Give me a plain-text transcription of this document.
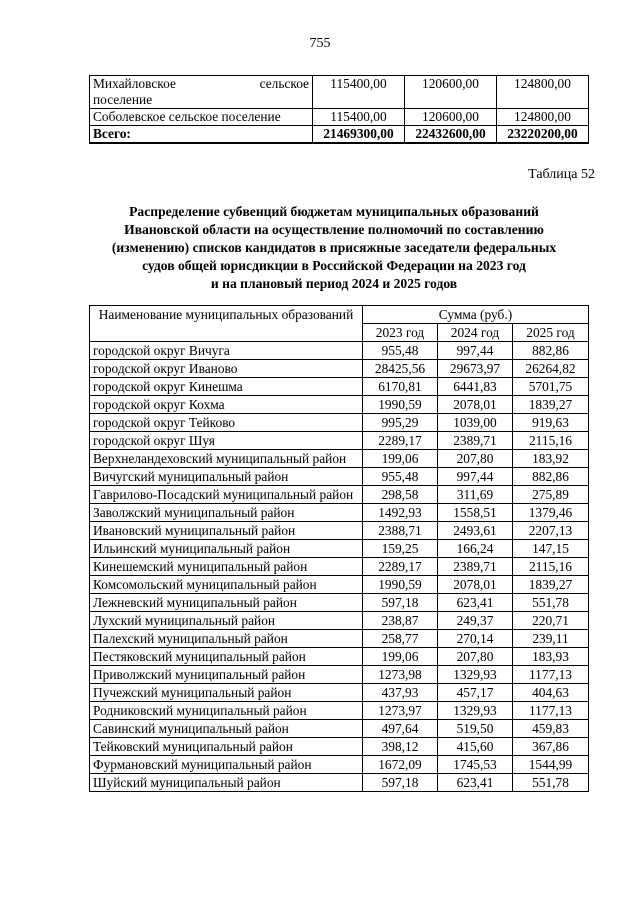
755
Михайловское сельское
поселение	115400,00	120600,00	124800,00
Соболевское сельское поселение	115400,00	120600,00	124800,00
Всего:	21469300,00	22432600,00	23220200,00
Таблица 52
Распределение субвенций бюджетам муниципальных образований
Ивановской области на осуществление полномочий по составлению
(изменению) списков кандидатов в присяжные заседатели федеральных
судов общей юрисдикции в Российской Федерации на 2023 год
и на плановый период 2024 и 2025 годов
Наименование муниципальных образований	Сумма (руб.)		
	2023 год	2024 год	2025 год
городской округ Вичуга	955,48	997,44	882,86
городской округ Иваново	28425,56	29673,97	26264,82
городской округ Кинешма	6170,81	6441,83	5701,75
городской округ Кохма	1990,59	2078,01	1839,27
городской округ Тейково	995,29	1039,00	919,63
городской округ Шуя	2289,17	2389,71	2115,16
Верхнеландеховский муниципальный район	199,06	207,80	183,92
Вичугский муниципальный район	955,48	997,44	882,86
Гаврилово-Посадский муниципальный район	298,58	311,69	275,89
Заволжский муниципальный район	1492,93	1558,51	1379,46
Ивановский муниципальный район	2388,71	2493,61	2207,13
Ильинский муниципальный район	159,25	166,24	147,15
Кинешемский муниципальный район	2289,17	2389,71	2115,16
Комсомольский муниципальный район	1990,59	2078,01	1839,27
Лежневский муниципальный район	597,18	623,41	551,78
Лухский муниципальный район	238,87	249,37	220,71
Палехский муниципальный район	258,77	270,14	239,11
Пестяковский муниципальный район	199,06	207,80	183,93
Приволжский муниципальный район	1273,98	1329,93	1177,13
Пучежский муниципальный район	437,93	457,17	404,63
Родниковский муниципальный район	1273,97	1329,93	1177,13
Савинский муниципальный район	497,64	519,50	459,83
Тейковский муниципальный район	398,12	415,60	367,86
Фурмановский муниципальный район	1672,09	1745,53	1544,99
Шуйский муниципальный район	597,18	623,41	551,78
